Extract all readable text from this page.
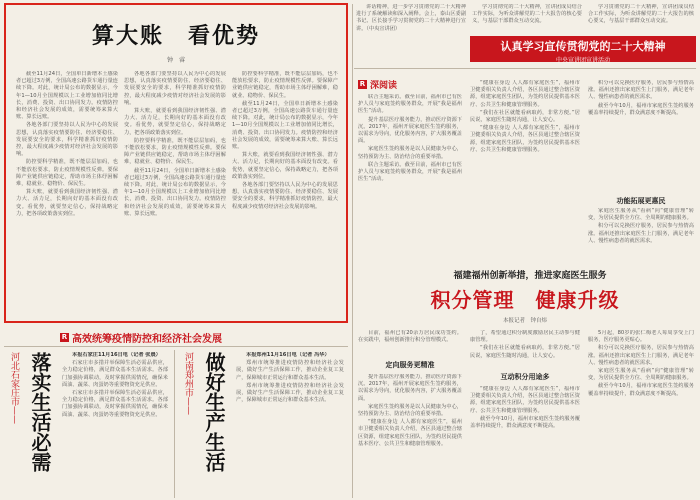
算大账　看优势
钟　睿

截至11月24日，全国单日新增本土感染者已超过3万例，全国高速公路货车通行量连续下降。对此，统计局公布的数据显示，今年1—10月全国规模以上工业增加值同比增长，消费、投资、出口协同发力。疫情防控和经济社会发展的成效，需要统筹来算大账、算长远账。

各地各部门要坚持以人民为中心的发展思想，认真落实疫情要防住、经济要稳住、发展要安全的要求，科学精准抓好疫情防控，最大程度减少疫情对经济社会发展的影响。

防控要科学精准，既不能层层加码，也不能放松要求，防止疫情规模性反弹。要保障产业链供应链稳定，帮助市场主体纾困解难，稳就业、稳物价、保民生。

算大账，就要看到我国经济韧性强、潜力大、活力足，长期向好的基本面没有改变。看优势，就要坚定信心，保持战略定力，把各项政策落实到位。

各地各部门要坚持以人民为中心的发展思想，认真落实疫情要防住、经济要稳住、发展要安全的要求，科学精准抓好疫情防控，最大程度减少疫情对经济社会发展的影响。

算大账，就要看到我国经济韧性强、潜力大、活力足，长期向好的基本面没有改变。看优势，就要坚定信心，保持战略定力，把各项政策落实到位。

防控要科学精准，既不能层层加码，也不能放松要求，防止疫情规模性反弹。要保障产业链供应链稳定，帮助市场主体纾困解难，稳就业、稳物价、保民生。

截至11月24日，全国单日新增本土感染者已超过3万例，全国高速公路货车通行量连续下降。对此，统计局公布的数据显示，今年1—10月全国规模以上工业增加值同比增长，消费、投资、出口协同发力。疫情防控和经济社会发展的成效，需要统筹来算大账、算长远账。

防控要科学精准，既不能层层加码，也不能放松要求，防止疫情规模性反弹。要保障产业链供应链稳定，帮助市场主体纾困解难，稳就业、稳物价、保民生。

截至11月24日，全国单日新增本土感染者已超过3万例，全国高速公路货车通行量连续下降。对此，统计局公布的数据显示，今年1—10月全国规模以上工业增加值同比增长，消费、投资、出口协同发力。疫情防控和经济社会发展的成效，需要统筹来算大账、算长远账。

算大账，就要看到我国经济韧性强、潜力大、活力足，长期向好的基本面没有改变。看优势，就要坚定信心，保持战略定力，把各项政策落实到位。

各地各部门要坚持以人民为中心的发展思想，认真落实疫情要防住、经济要稳住、发展要安全的要求，科学精准抓好疫情防控，最大程度减少疫情对经济社会发展的影响。

讲话精神，进一步学习贯彻党的二十大精神进行了系统解读和深入阐释。会上，泰山区委副书记、区长接手学习贯彻党的二十大精神进行宣讲。（中央宣讲团）

学习贯彻党的二十大精神，宣讲团成员结合工作实际，为听众讲解党的二十大报告的核心要义，与基层干部群众互动交流。

学习贯彻党的二十大精神，宣讲团成员结合工作实际，为听众讲解党的二十大报告的核心要义，与基层干部群众互动交流。

认真学习宣传贯彻党的二十大精神
中央宣讲团宣讲活动
R 深阅读

联合主题采访。截至目前，福州市已有医护人员与家庭签约服务群众，开展“我是福州医生”活动。

提升基层医疗服务能力，推动医疗资源下沉。2017年，福州开展家庭医生签约服务，以需求为导向，优化服务内容，扩大服务覆盖面。

家庭医生签约服务是以人民健康为中心，坚持预防为主、防治结合的重要举措。

联合主题采访。截至目前，福州市已有医护人员与家庭签约服务群众，开展“我是福州医生”活动。

“健康在身边 人人都有家庭医生”，福州市卫健委相关负责人介绍，各区县通过整合辖区资源，组建家庭医生团队，为签约居民提供基本医疗、公共卫生和健康管理服务。

“我们在社区就能看病取药，非常方便。”居民说，家庭医生随时沟通，让人安心。

“健康在身边 人人都有家庭医生”，福州市卫健委相关负责人介绍，各区县通过整合辖区资源，组建家庭医生团队，为签约居民提供基本医疗、公共卫生和健康管理服务。

积分可以兑换医疗服务，居民参与热情高涨。福州还推出家庭医生上门服务，满足老年人、慢性病患者的就医需求。

截至今年10月，福州市家庭医生签约服务覆盖率持续提升，群众满意度不断提高。

功能拓展更惠民

家庭医生服务从“看病”向“健康管理”转变，为居民提供全方位、全周期的健康服务。

积分可以兑换医疗服务，居民参与热情高涨。福州还推出家庭医生上门服务，满足老年人、慢性病患者的就医需求。

福建福州创新举措，推进家庭医生服务
积分管理　健康升级
本报记者　钟自炜

目前，福州已有20余万居民成功签约。在实践中，福州创新推行积分管理模式。

定向服务更精准

提升基层医疗服务能力，推动医疗资源下沉。2017年，福州开展家庭医生签约服务，以需求为导向，优化服务内容，扩大服务覆盖面。

家庭医生签约服务是以人民健康为中心，坚持预防为主、防治结合的重要举措。

“健康在身边 人人都有家庭医生”，福州市卫健委相关负责人介绍，各区县通过整合辖区资源，组建家庭医生团队，为签约居民提供基本医疗、公共卫生和健康管理服务。

了，希望通过积分制度激励居民主动参与健康管理。

“我们在社区就能看病取药，非常方便。”居民说，家庭医生随时沟通，让人安心。

互动积分用途多

“健康在身边 人人都有家庭医生”，福州市卫健委相关负责人介绍，各区县通过整合辖区资源，组建家庭医生团队，为签约居民提供基本医疗、公共卫生和健康管理服务。

截至今年10月，福州市家庭医生签约服务覆盖率持续提升，群众满意度不断提高。

5月起，80岁的张仁梅老人每周享受上门服务，医疗服务更贴心。

积分可以兑换医疗服务，居民参与热情高涨。福州还推出家庭医生上门服务，满足老年人、慢性病患者的就医需求。

家庭医生服务从“看病”向“健康管理”转变，为居民提供全方位、全周期的健康服务。

截至今年10月，福州市家庭医生签约服务覆盖率持续提升，群众满意度不断提高。

R 高效统筹疫情防控和经济社会发展
河北石家庄市—— 落实生活必需	本报石家庄11月16日电（记者 张晨）

石家庄市多措并举保障生活必需品供应，全力稳定价格，满足群众基本生活需求。各部门加强协调联动，及时掌握供需情况，确保米面油、蔬菜、肉蛋奶等重要物资充足供应。

石家庄市多措并举保障生活必需品供应，全力稳定价格，满足群众基本生活需求。各部门加强协调联动，及时掌握供需情况，确保米面油、蔬菜、肉蛋奶等重要物资充足供应。	河南郑州市—— 做好生产生活	本报郑州11月16日电（记者 冯华）

郑州市统筹推进疫情防控和经济社会发展，做好生产生活保障工作，推动企业复工复产，保障城市正常运行和群众基本生活。

郑州市统筹推进疫情防控和经济社会发展，做好生产生活保障工作，推动企业复工复产，保障城市正常运行和群众基本生活。
